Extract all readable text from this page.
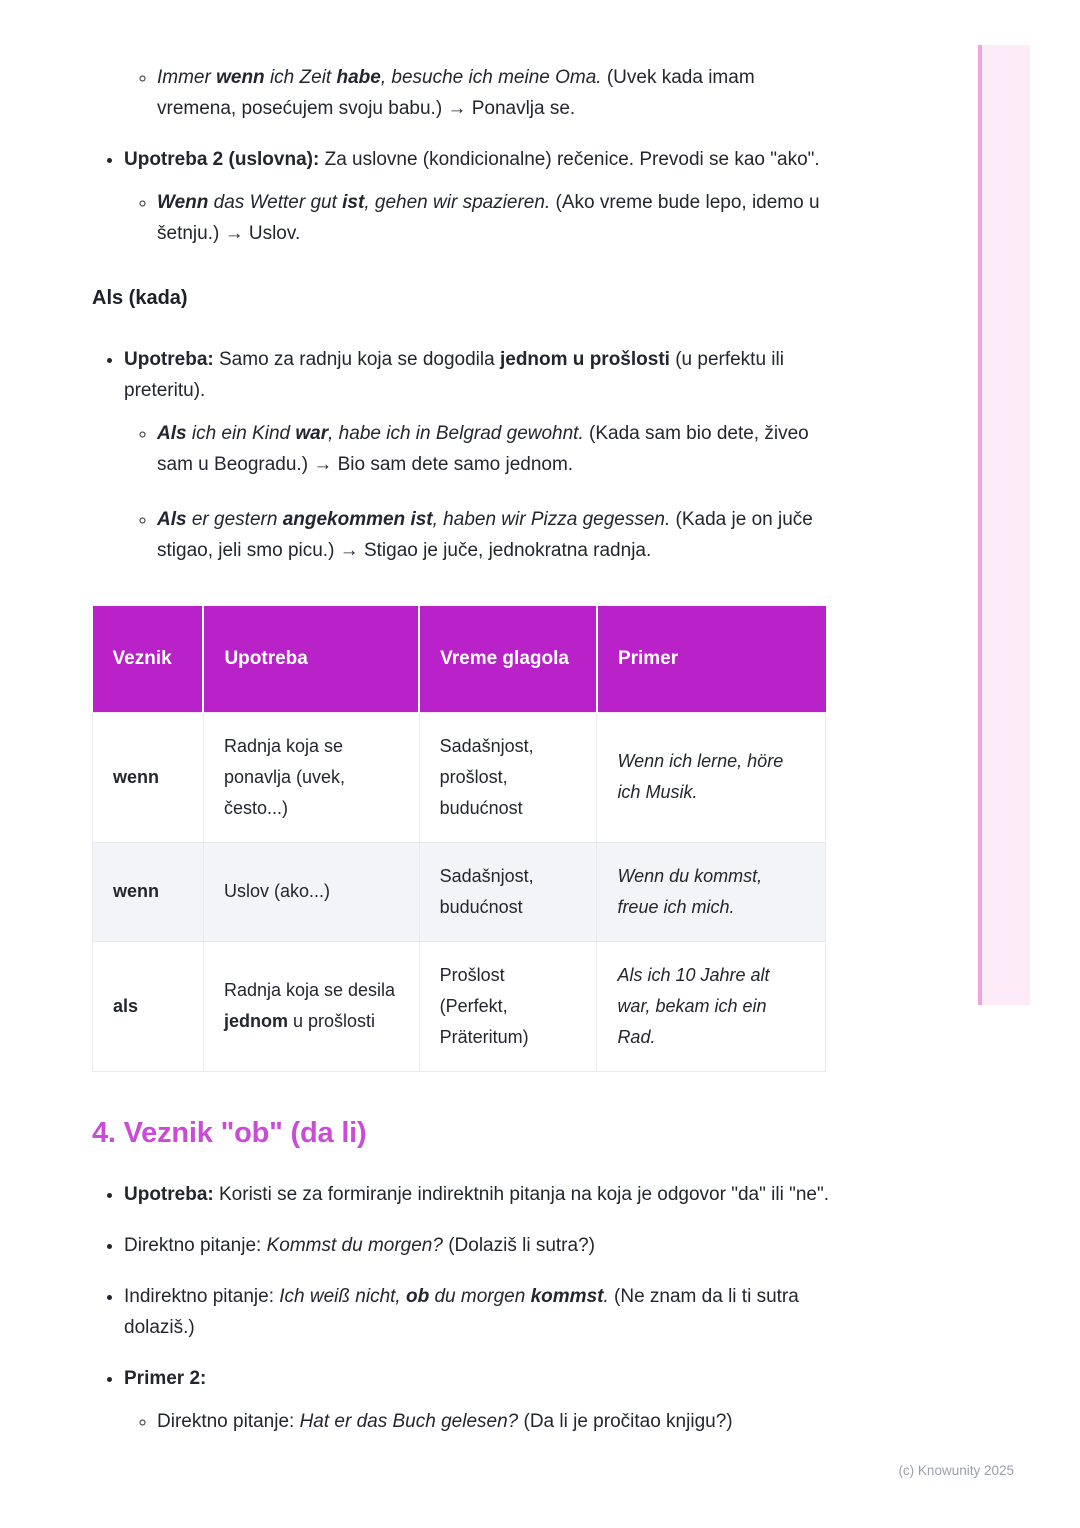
◦ Immer wenn ich Zeit habe, besuche ich meine Oma. (Uvek kada imam vremena, posećujem svoju babu.) → Ponavlja se.
• Upotreba 2 (uslovna): Za uslovne (kondicionalne) rečenice. Prevodi se kao "ako".
◦ Wenn das Wetter gut ist, gehen wir spazieren. (Ako vreme bude lepo, idemo u šetnju.) → Uslov.
Als (kada)
• Upotreba: Samo za radnju koja se dogodila jednom u prošlosti (u perfektu ili preteritu).
◦ Als ich ein Kind war, habe ich in Belgrad gewohnt. (Kada sam bio dete, živeo sam u Beogradu.) → Bio sam dete samo jednom.
◦ Als er gestern angekommen ist, haben wir Pizza gegessen. (Kada je on juče stigao, jeli smo picu.) → Stigao je juče, jednokratna radnja.
Veznik	Upotreba	Vreme glagola	Primer
wenn	Radnja koja se ponavlja (uvek, često...)	Sadašnjost, prošlost, budućnost	Wenn ich lerne, höre ich Musik.
wenn	Uslov (ako...)	Sadašnjost, budućnost	Wenn du kommst, freue ich mich.
als	Radnja koja se desila jednom u prošlosti	Prošlost (Perfekt, Präteritum)	Als ich 10 Jahre alt war, bekam ich ein Rad.
4. Veznik "ob" (da li)
• Upotreba: Koristi se za formiranje indirektnih pitanja na koja je odgovor "da" ili "ne".
• Direktno pitanje: Kommst du morgen? (Dolaziš li sutra?)
• Indirektno pitanje: Ich weiß nicht, ob du morgen kommst. (Ne znam da li ti sutra dolaziš.)
• Primer 2:
◦ Direktno pitanje: Hat er das Buch gelesen? (Da li je pročitao knjigu?)
(c) Knowunity 2025
